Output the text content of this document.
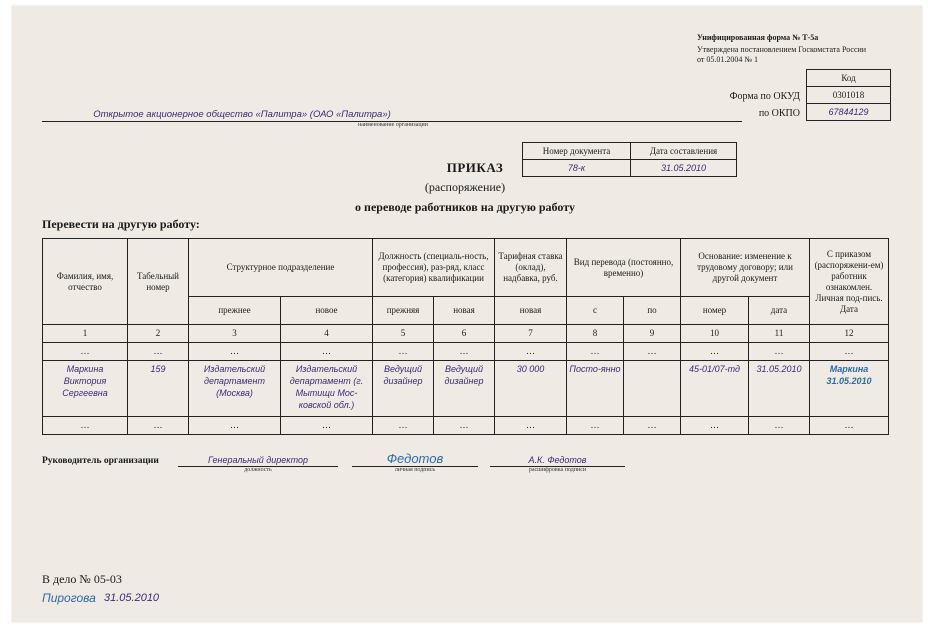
Унифицированная форма № Т-5а
Утверждена постановлением Госкомстата России
от 05.01.2004 № 1
Код
0301018
67844129
Форма по ОКУД
по ОКПО
Открытое акционерное общество «Палитра» (ОАО «Палитра»)
наименование организации
Номер документа	Дата составления
78-к	31.05.2010
ПРИКАЗ
(распоряжение)
о переводе работников на другую работу
Перевести на другую работу:
Фамилия, имя, отчество	Табельный номер	Структурное подразделение		Должность (специаль-ность, профессия), раз-ряд, класс (категория) квалификации		Тарифная ставка (оклад), надбавка, руб.	Вид перевода (постоянно, временно)		Основание: изменение к трудовому договору; или другой документ		С приказом (распоряжени-ем) работник ознакомлен. Личная под-пись. Дата
		прежнее	новое	прежняя	новая	новая	с	по	номер	дата	
1	2	3	4	5	6	7	8	9	10	11	12
…	…	…	…	…	…	…	…	…	…	…	…
Маркина Виктория Сергеевна	159	Издательский департамент (Москва)	Издательский департамент (г. Мытищи Мос-ковской обл.)	Ведущий дизайнер	Ведущий дизайнер	30 000	Посто-янно		45-01/07-тд	31.05.2010	Маркина 31.05.2010
…	…	…	…	…	…	…	…	…	…	…	…
Руководитель организации	Генеральный директор
должность
Федотов
личная подпись
А.К. Федотов
расшифровка подписи
В дело № 05-03
Пирогова 31.05.2010
